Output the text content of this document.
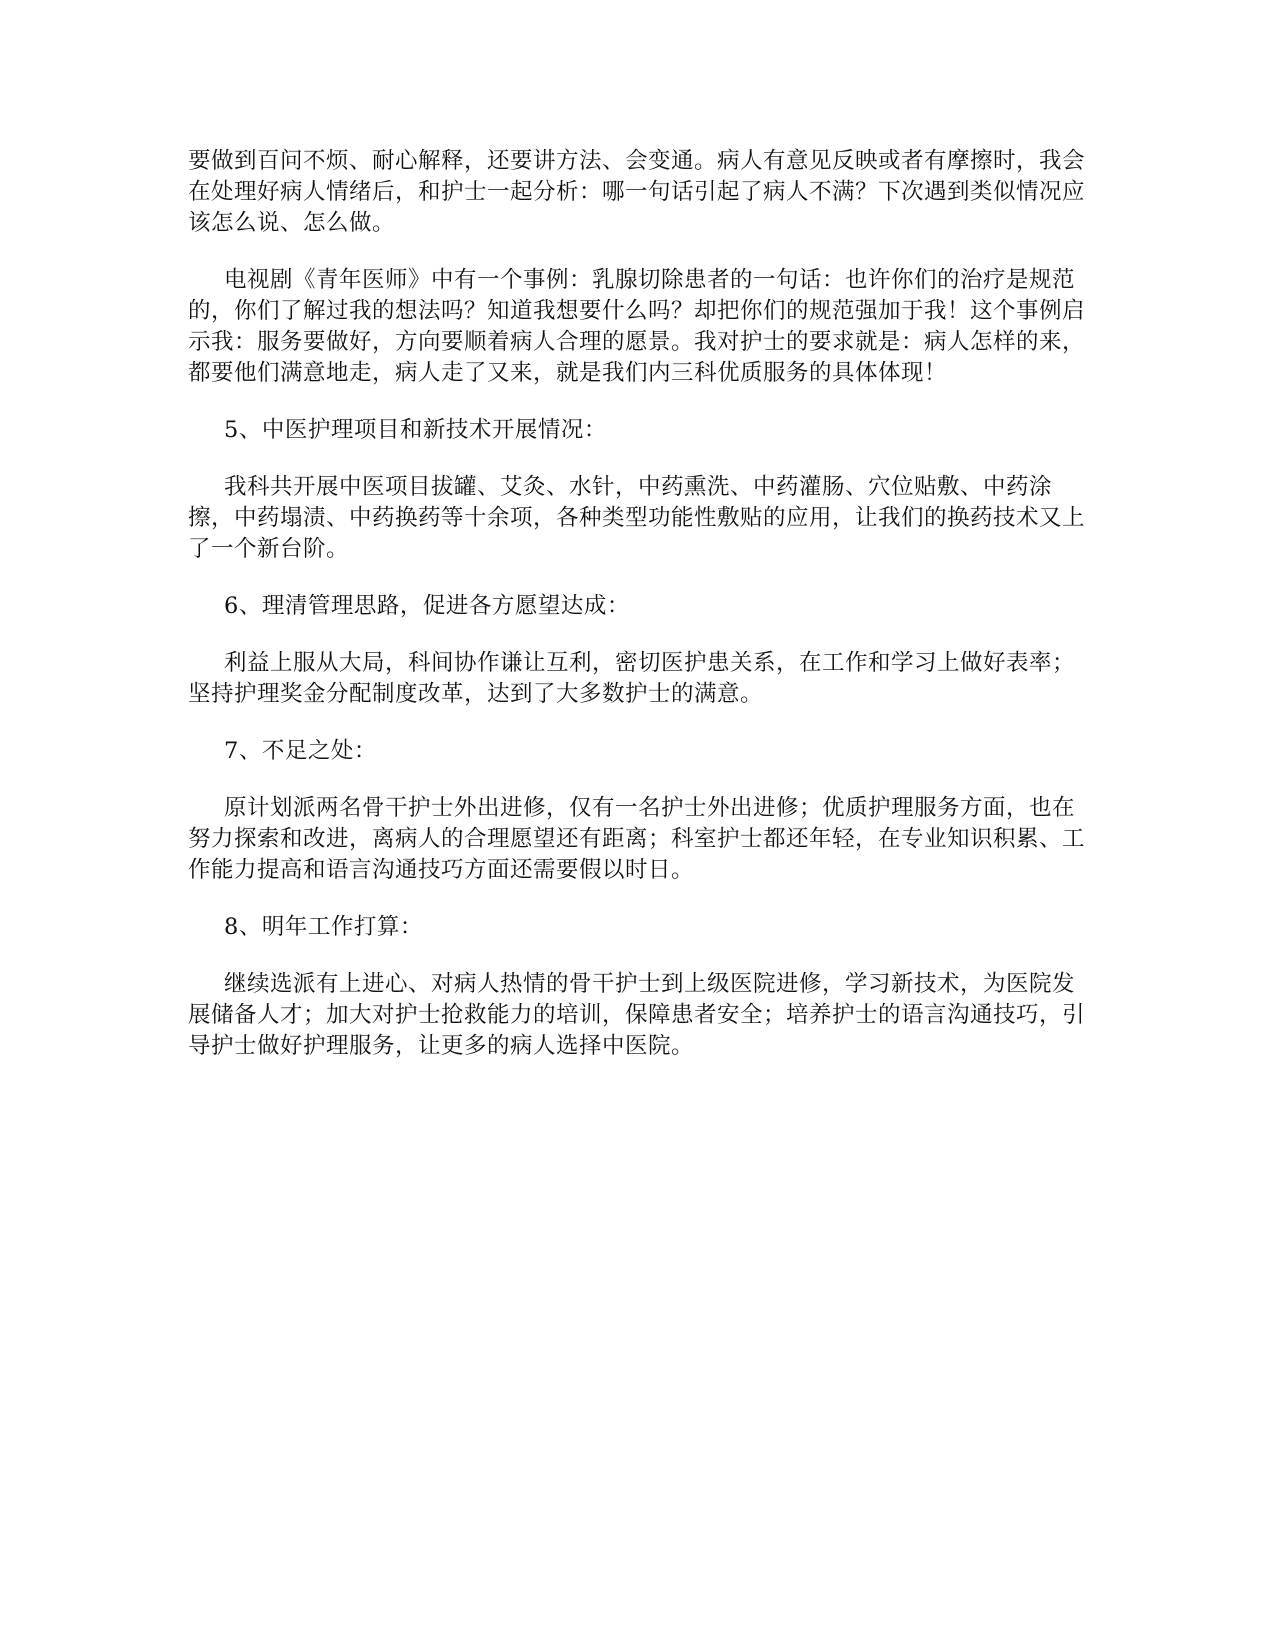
要做到百问不烦、耐心解释，还要讲方法、会变通。病人有意见反映或者有摩擦时，我会在处理好病人情绪后，和护士一起分析：哪一句话引起了病人不满？下次遇到类似情况应该怎么说、怎么做。

电视剧《青年医师》中有一个事例：乳腺切除患者的一句话：也许你们的治疗是规范的，你们了解过我的想法吗？知道我想要什么吗？却把你们的规范强加于我！这个事例启示我：服务要做好，方向要顺着病人合理的愿景。我对护士的要求就是：病人怎样的来，都要他们满意地走，病人走了又来，就是我们内三科优质服务的具体体现！

5、中医护理项目和新技术开展情况：

我科共开展中医项目拔罐、艾灸、水针，中药熏洗、中药灌肠、穴位贴敷、中药涂擦，中药塌渍、中药换药等十余项，各种类型功能性敷贴的应用，让我们的换药技术又上了一个新台阶。

6、理清管理思路，促进各方愿望达成：

利益上服从大局，科间协作谦让互利，密切医护患关系，在工作和学习上做好表率；坚持护理奖金分配制度改革，达到了大多数护士的满意。

7、不足之处：

原计划派两名骨干护士外出进修，仅有一名护士外出进修；优质护理服务方面，也在努力探索和改进，离病人的合理愿望还有距离；科室护士都还年轻，在专业知识积累、工作能力提高和语言沟通技巧方面还需要假以时日。

8、明年工作打算：

继续选派有上进心、对病人热情的骨干护士到上级医院进修，学习新技术，为医院发展储备人才；加大对护士抢救能力的培训，保障患者安全；培养护士的语言沟通技巧，引导护士做好护理服务，让更多的病人选择中医院。
